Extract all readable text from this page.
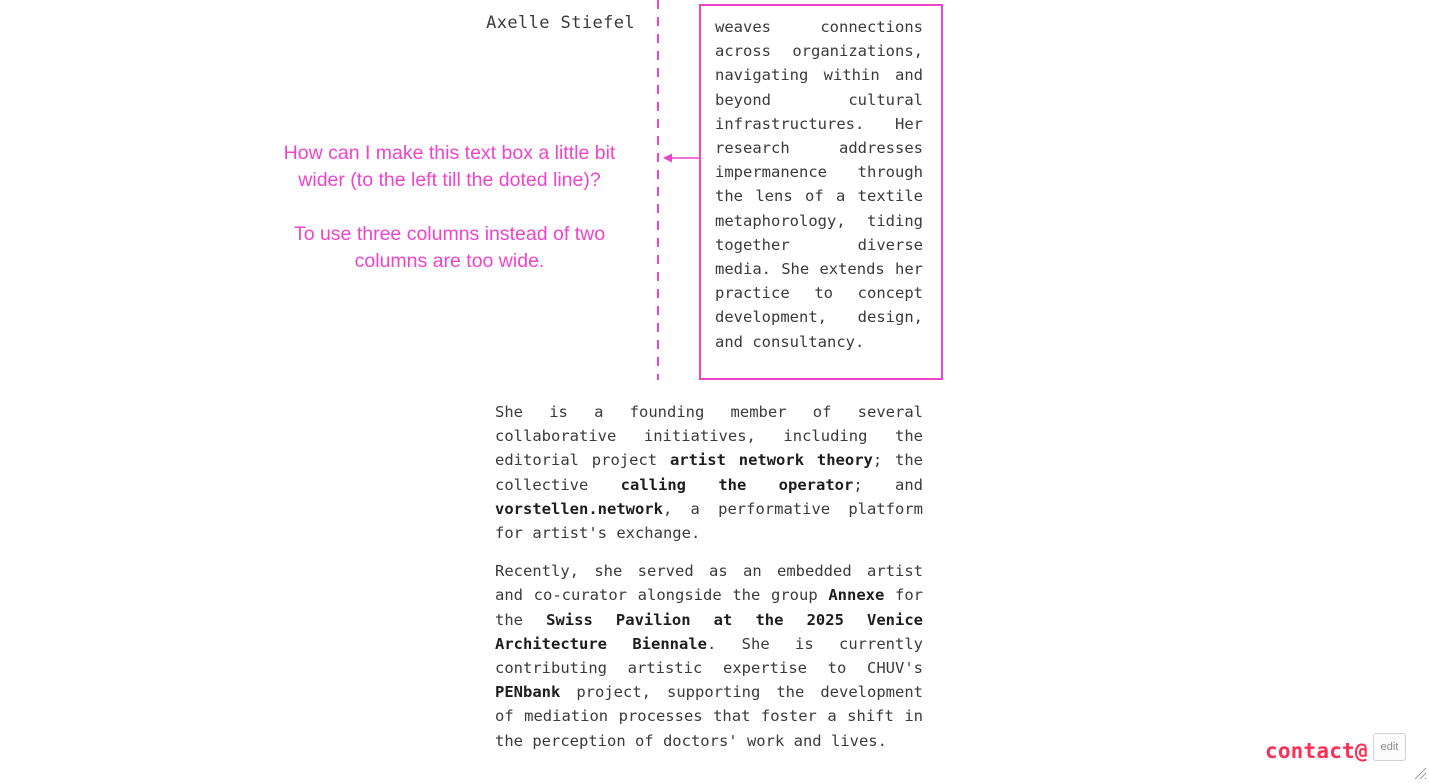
Axelle Stiefel

How can I make this text box a little bit wider (to the left till the doted line)?

To use three columns instead of two columns are too wide.

weaves connections across organizations, navigating within and beyond cultural infrastructures. Her research addresses impermanence through the lens of a textile metaphorology, tiding together diverse media. She extends her practice to concept development, design, and consultancy.

She is a founding member of several collaborative initiatives, including the editorial project artist network theory; the collective calling the operator; and vorstellen.network, a performative platform for artist's exchange.

Recently, she served as an embedded artist and co-curator alongside the group Annexe for the Swiss Pavilion at the 2025 Venice Architecture Biennale. She is currently contributing artistic expertise to CHUV's PENbank project, supporting the development of mediation processes that foster a shift in the perception of doctors' work and lives.	contact@	edit
